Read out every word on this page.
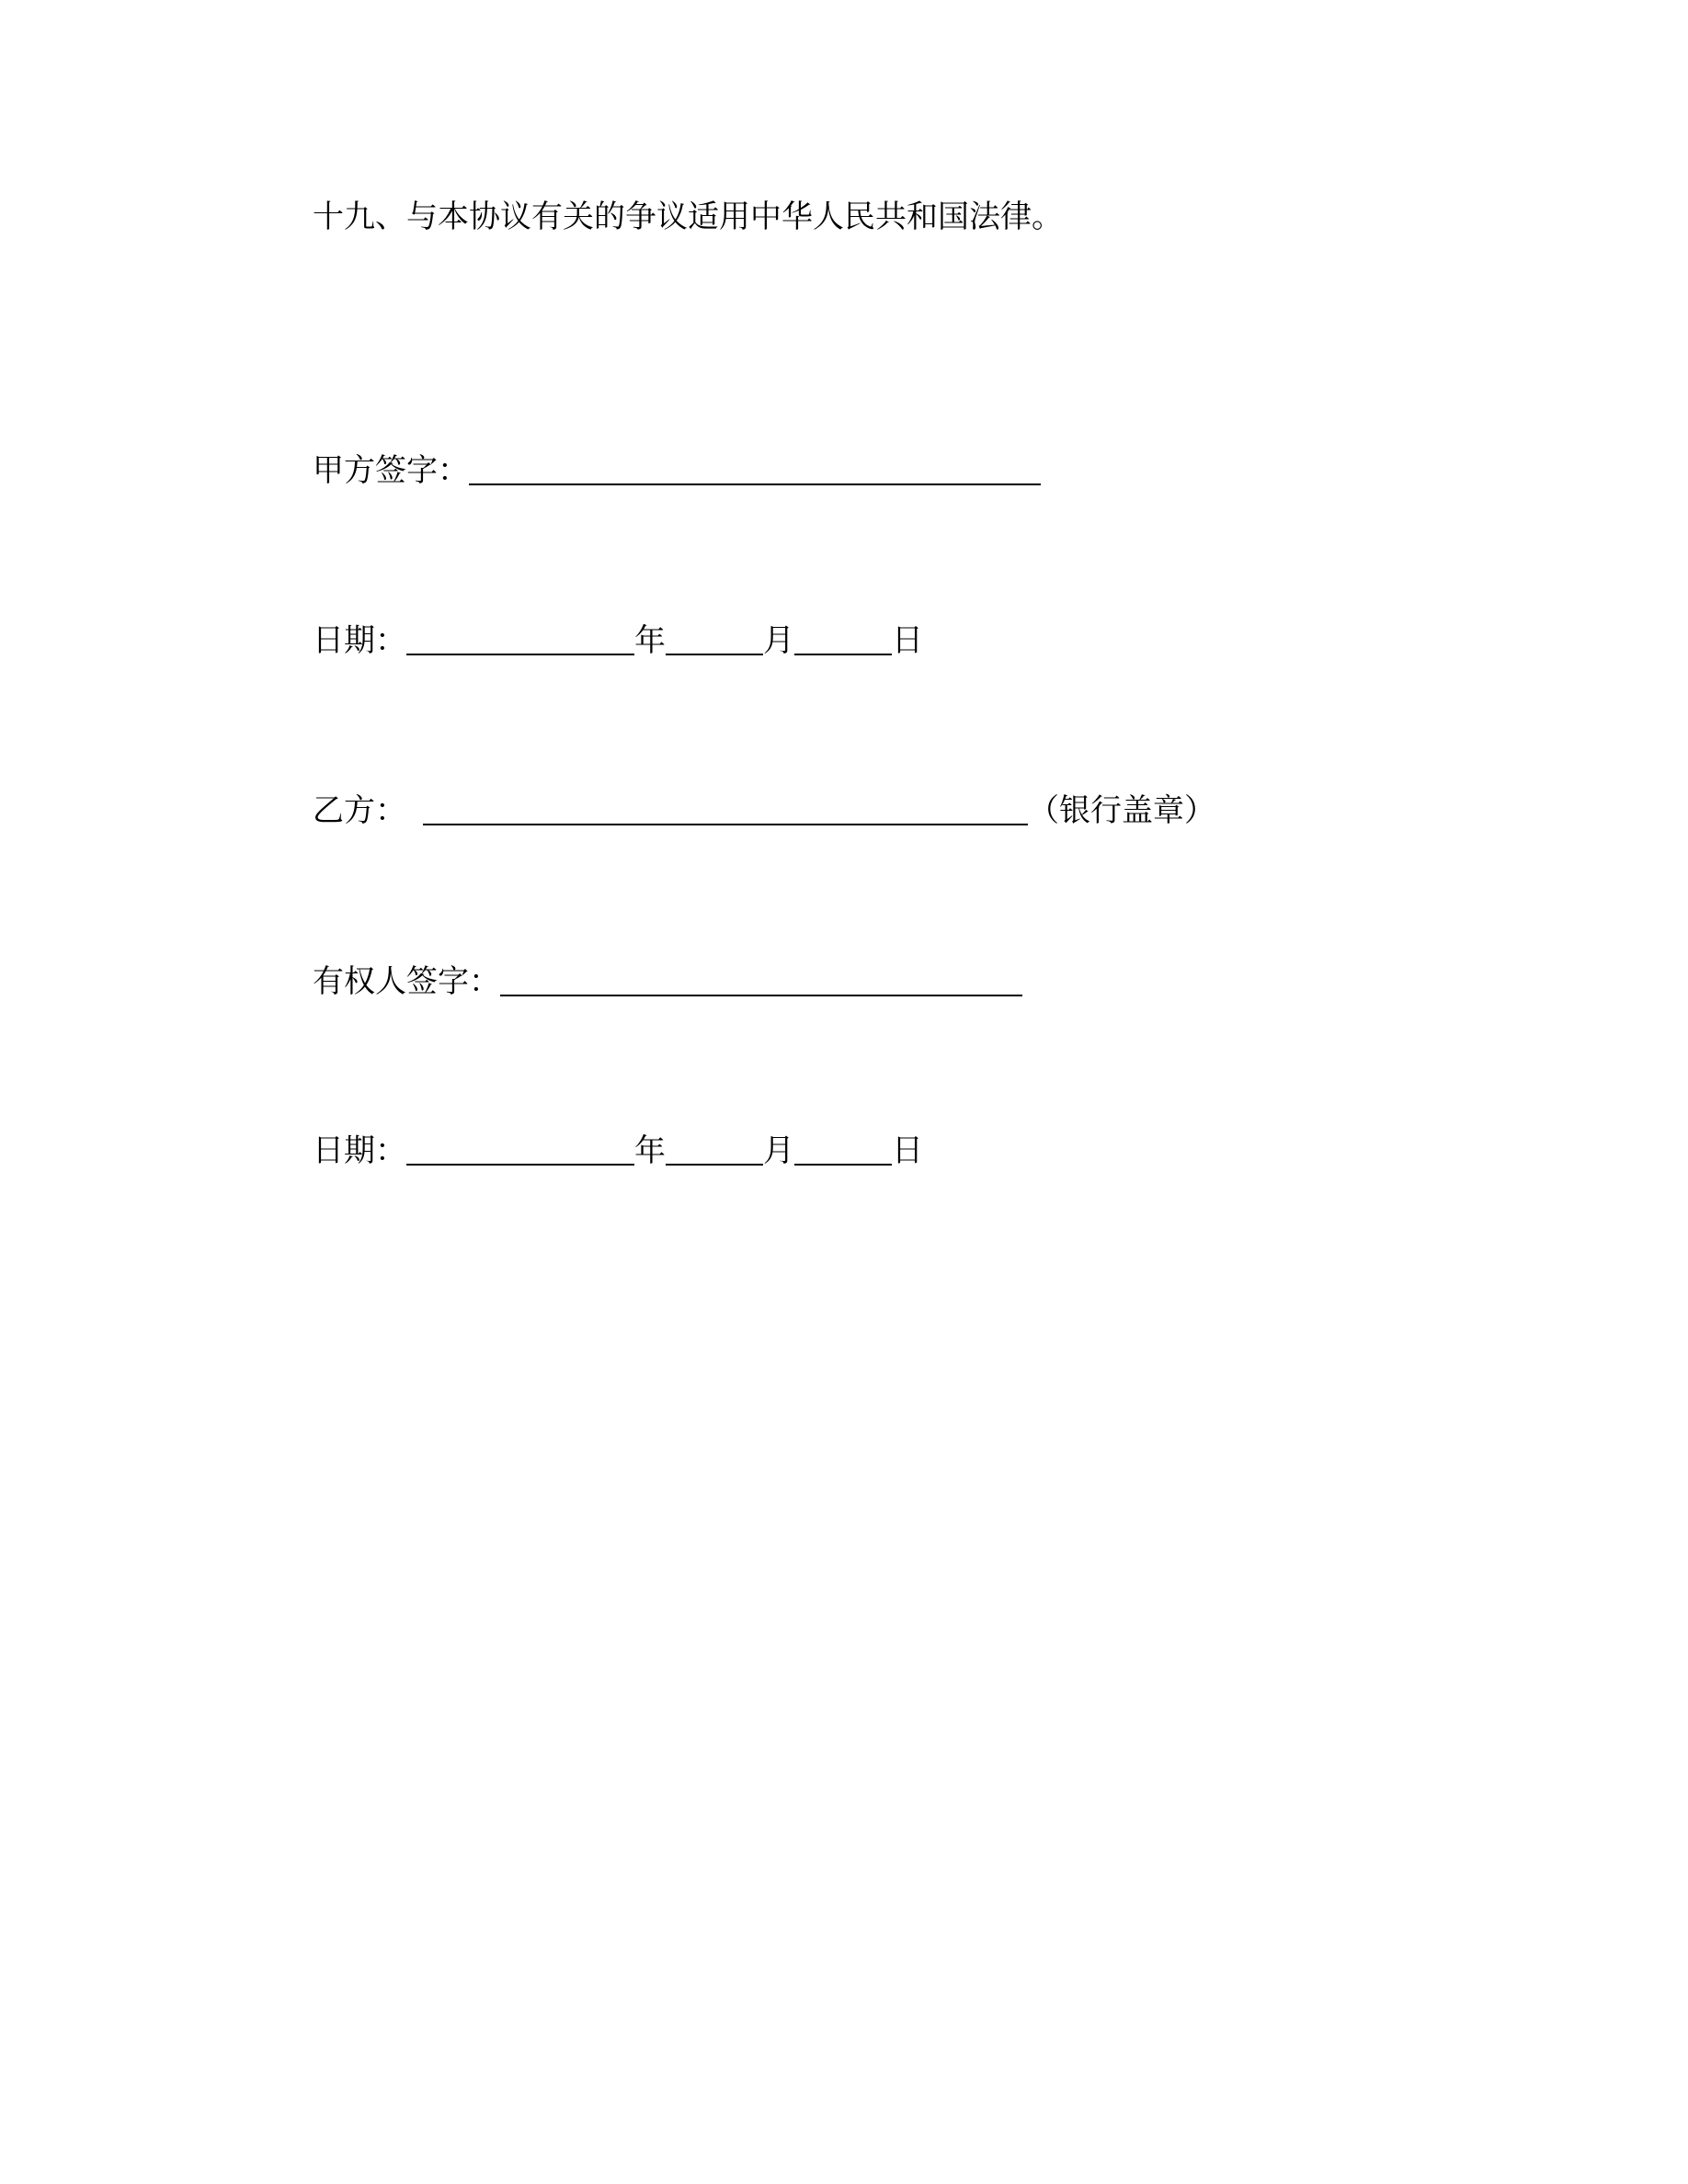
十九、与本协议有关的争议适用中华人民共和国法律。
甲方签字：
日期：	年	月	日
乙方：	（银行盖章）
有权人签字：
日期：	年	月	日
